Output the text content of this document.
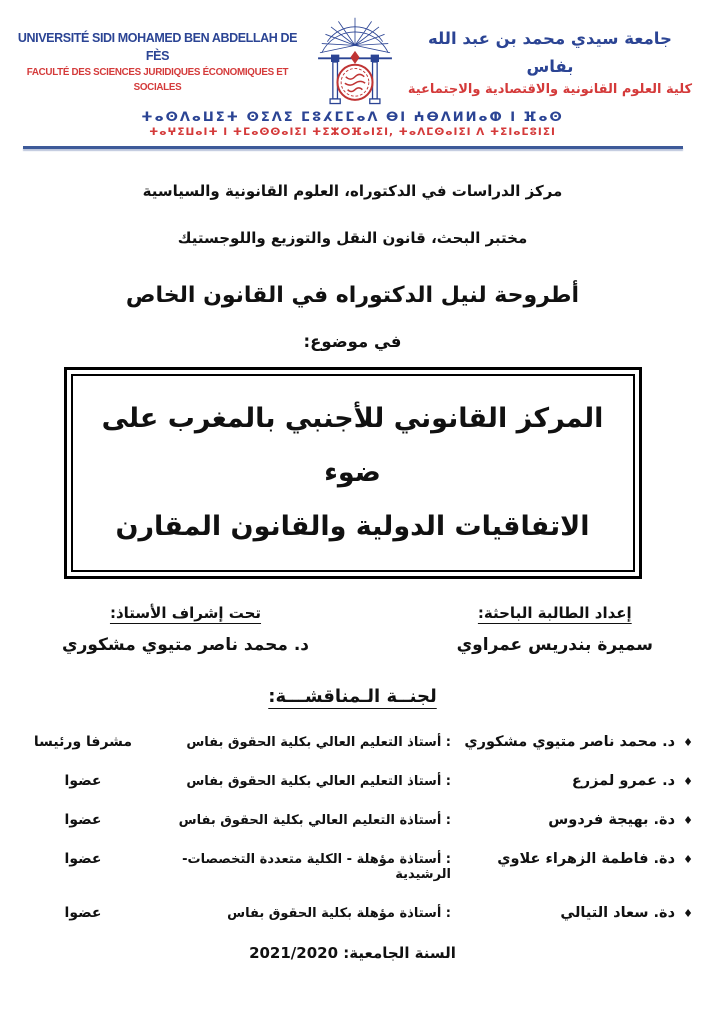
UNIVERSITÉ SIDI MOHAMED BEN ABDELLAH DE FÈS
FACULTÉ DES SCIENCES JURIDIQUES ÉCONOMIQUES ET SOCIALES
جامعة سيدي محمد بن عبد الله بفاس
كلية العلوم القانونية والاقتصادية والاجتماعية
ⵜⴰⵙⴷⴰⵡⵉⵜ ⵙⵉⴷⵉ ⵎⵓⵃⵎⵎⴰⴷ ⴱⵏ ⵄⴱⴷⵍⵍⴰⵀ ⵏ ⴼⴰⵙ
ⵜⴰⵖⵉⵡⴰⵏⵜ ⵏ ⵜⵎⴰⵙⵙⴰⵏⵉⵏ ⵜⵉⵣⵔⴼⴰⵏⵉⵏ, ⵜⴰⴷⵎⵙⴰⵏⵉⵏ ⴷ ⵜⵉⵏⴰⵎⵓⵏⵉⵏ
مركز الدراسات في الدكتوراه، العلوم القانونية والسياسية
مختبر البحث، قانون النقل والتوزيع واللوجستيك
أطروحة لنيل الدكتوراه في القانون الخاص
في موضوع:
المركز القانوني للأجنبي بالمغرب على ضوء
الاتفاقيات الدولية والقانون المقارن
إعداد الطالبة الباحثة:
سميرة بندريس عمراوي
تحت إشراف الأستاذ:
د. محمد ناصر متيوي مشكوري
لجنــة الـمناقشـــة:
♦ د. محمد ناصر متيوي مشكوري
: أستاذ التعليم العالي بكلية الحقوق بفاس
مشرفا ورئيسا
♦ د. عمرو لمزرع
: أستاذ التعليم العالي بكلية الحقوق بفاس
عضوا
♦ دة. بهيجة فردوس
: أستاذة التعليم العالي بكلية الحقوق بفاس
عضوا
♦ دة. فاطمة الزهراء علاوي
: أستاذة مؤهلة - الكلية متعددة التخصصات- الرشيدية
عضوا
♦ دة. سعاد التيالي
: أستاذة مؤهلة بكلية الحقوق بفاس
عضوا
السنة الجامعية: 2021/2020
